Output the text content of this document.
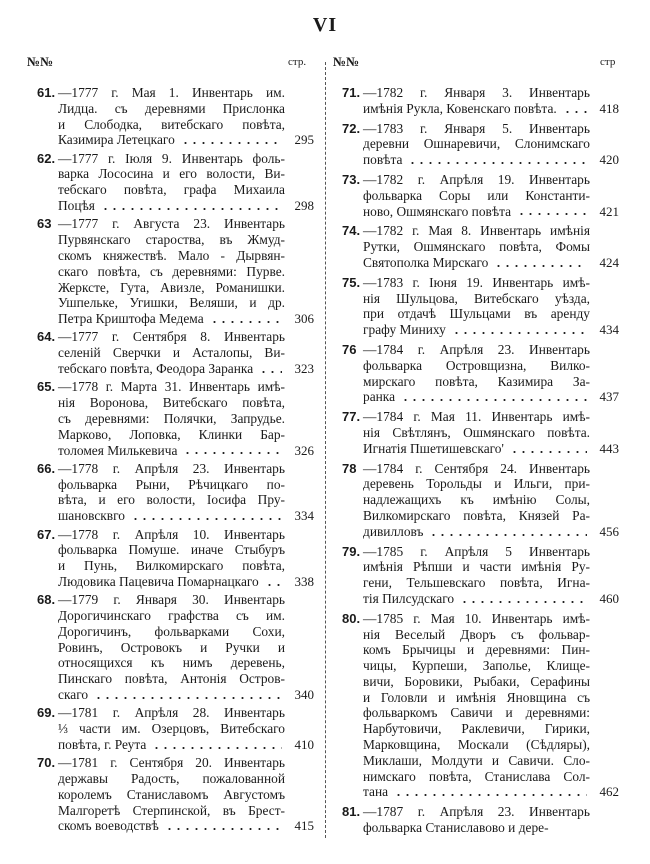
VI
№№	стр. №№	стр
61. —1777 г. Мая 1. Инвентарь им.
Лидца. съ деревнями Прислонка
и Слободка, витебскаго повѣта,
Казимира Летецкаго	295
62. —1777 г. Іюля 9. Инвентарь фоль-
варка Лососина и его волости, Ви-
тебскаго повѣта, графа Михаила
Поцѣя	298
63 —1777 г. Августа 23. Инвентарь
Пурвянскаго староства, въ Жмуд-
скомъ княжествѣ. Мало - Дырвян-
скаго повѣта, съ деревнями: Пурве.
Жерксте, Гута, Авизле, Романишки.
Ушпельке, Угишки, Веляши, и др.
Петра Криштофа Медема	306
64. —1777 г. Сентября 8. Инвентарь
селеній Сверчки и Асталопы, Ви-
тебскаго повѣта, Феодора Заранка	323
65. —1778 г. Марта 31. Инвентарь имѣ-
нія Воронова, Витебскаго повѣта,
съ деревнями: Полячки, Запрудье.
Марково, Лоповка, Клинки Бар-
толомея Милькевича	326
66. —1778 г. Апрѣля 23. Инвентарь
фольварка Рыни, Рѣчицкаго по-
вѣта, и его волости, Іосифа Пру-
шановсквго	334
67. —1778 г. Апрѣля 10. Инвентарь
фольварка Помуше. иначе Стыбуръ
и Пунь, Вилкомирскаго повѣта,
Людовика Пацевича Помарнацкаго	338
68. —1779 г. Января 30. Инвентарь
Дорогичинскаго графства съ им.
Дорогичинъ, фольварками Сохи,
Ровинъ, Островокъ и Ручки и
относящихся къ нимъ деревень,
Пинскаго повѣта, Антонія Остров-
скаго	340
69. —1781 г. Апрѣля 28. Инвентарь
⅓ части им. Озерцовъ, Витебскаго
повѣта, г. Реута	410
70. —1781 г. Сентября 20. Инвентарь
державы Радость, пожалованной
королемъ Станиславомъ Августомъ
Малгоретѣ Стерпинской, въ Брест-
скомъ воеводствѣ	415
71. —1782 г. Января 3. Инвентарь
имѣнія Рукла, Ковенскаго повѣта.	418
72. —1783 г. Января 5. Инвентарь
деревни Ошнаревичи, Слонимскаго
повѣта	420
73. —1782 г. Апрѣля 19. Инвентарь
фольварка Соры или Константи-
ново, Ошмянскаго повѣта	421
74. —1782 г. Мая 8. Инвентарь имѣнія
Рутки, Ошмянскаго повѣта, Фомы
Святополка Мирскаго	424
75. —1783 г. Іюня 19. Инвентарь имѣ-
нія Шульцова, Витебскаго уѣзда,
при отдачѣ Шульцами въ аренду
графу Миниху	434
76 —1784 г. Апрѣля 23. Инвентарь
фольварка Островщизна, Вилко-
мирскаго повѣта, Казимира За-
ранка	437
77. —1784 г. Мая 11. Инвентарь имѣ-
нія Свѣтлянъ, Ошмянскаго повѣта.
Игнатія Пшетишевскаго'	443
78 —1784 г. Сентября 24. Инвентарь
деревень Торольды и Ильги, при-
надлежащихъ къ имѣнію Солы,
Вилкомирскаго повѣта, Князей Ра-
дивилловъ	456
79. —1785 г. Апрѣля 5 Инвентарь
имѣнія Рѣпши и части имѣнія Ру-
гени, Тельшевскаго повѣта, Игна-
тія Пилсудскаго	460
80. —1785 г. Мая 10. Инвентарь имѣ-
нія Веселый Дворъ съ фольвар-
комъ Брычицы и деревнями: Пин-
чицы, Курпеши, Заполье, Клище-
вичи, Боровики, Рыбаки, Серафины
и Головли и имѣнія Яновщина съ
фольваркомъ Савичи и деревнями:
Нарбутовичи, Раклевичи, Гирики,
Марковщина, Москали (Сѣдляры),
Миклаши, Молдути и Савичи. Сло-
нимскаго повѣта, Станислава Сол-
тана	462
81. —1787 г. Апрѣля 23. Инвентарь
фольварка Станиславово и дере-
